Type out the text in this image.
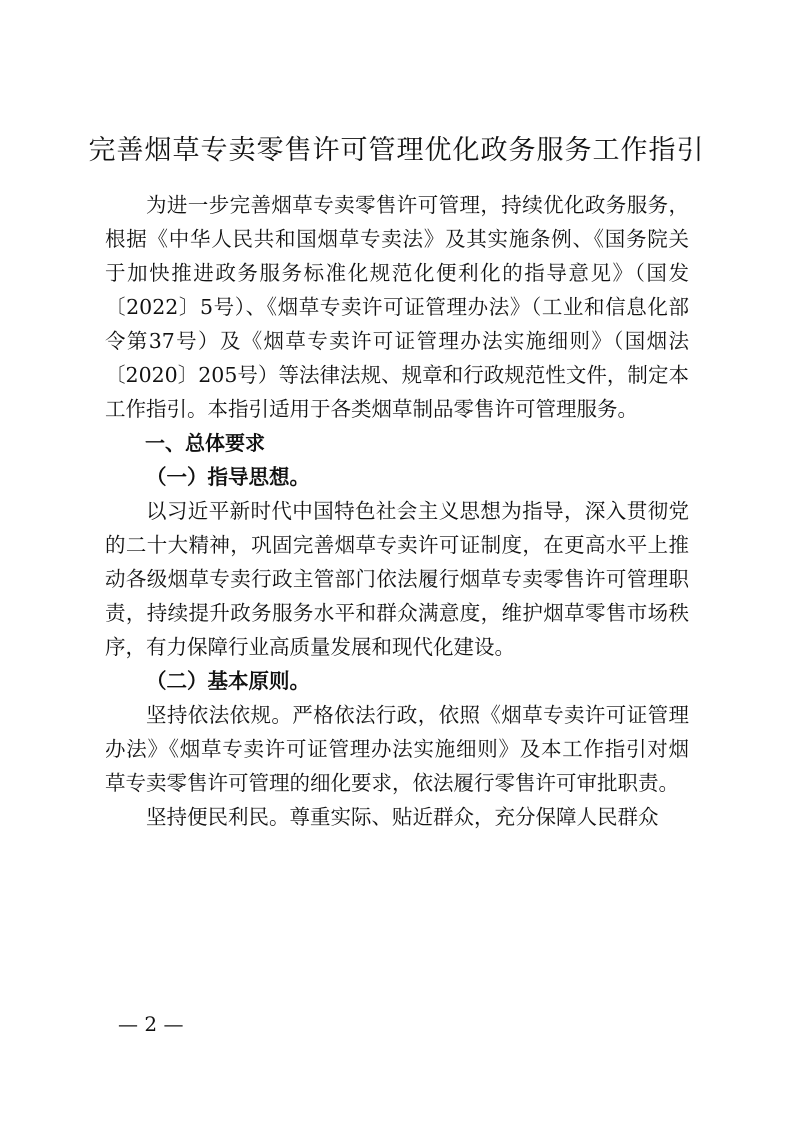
完善烟草专卖零售许可管理优化政务服务工作指引

为进一步完善烟草专卖零售许可管理，持续优化政务服务，根据《中华人民共和国烟草专卖法》及其实施条例、《国务院关于加快推进政务服务标准化规范化便利化的指导意见》（国发〔2022〕5号）、《烟草专卖许可证管理办法》（工业和信息化部令第37号）及《烟草专卖许可证管理办法实施细则》（国烟法〔2020〕205号）等法律法规、规章和行政规范性文件，制定本工作指引。本指引适用于各类烟草制品零售许可管理服务。

一、总体要求

（一）指导思想。

以习近平新时代中国特色社会主义思想为指导，深入贯彻党的二十大精神，巩固完善烟草专卖许可证制度，在更高水平上推动各级烟草专卖行政主管部门依法履行烟草专卖零售许可管理职责，持续提升政务服务水平和群众满意度，维护烟草零售市场秩序，有力保障行业高质量发展和现代化建设。

（二）基本原则。

坚持依法依规。严格依法行政，依照《烟草专卖许可证管理办法》《烟草专卖许可证管理办法实施细则》及本工作指引对烟草专卖零售许可管理的细化要求，依法履行零售许可审批职责。

坚持便民利民。尊重实际、贴近群众，充分保障人民群众

— 2 —
